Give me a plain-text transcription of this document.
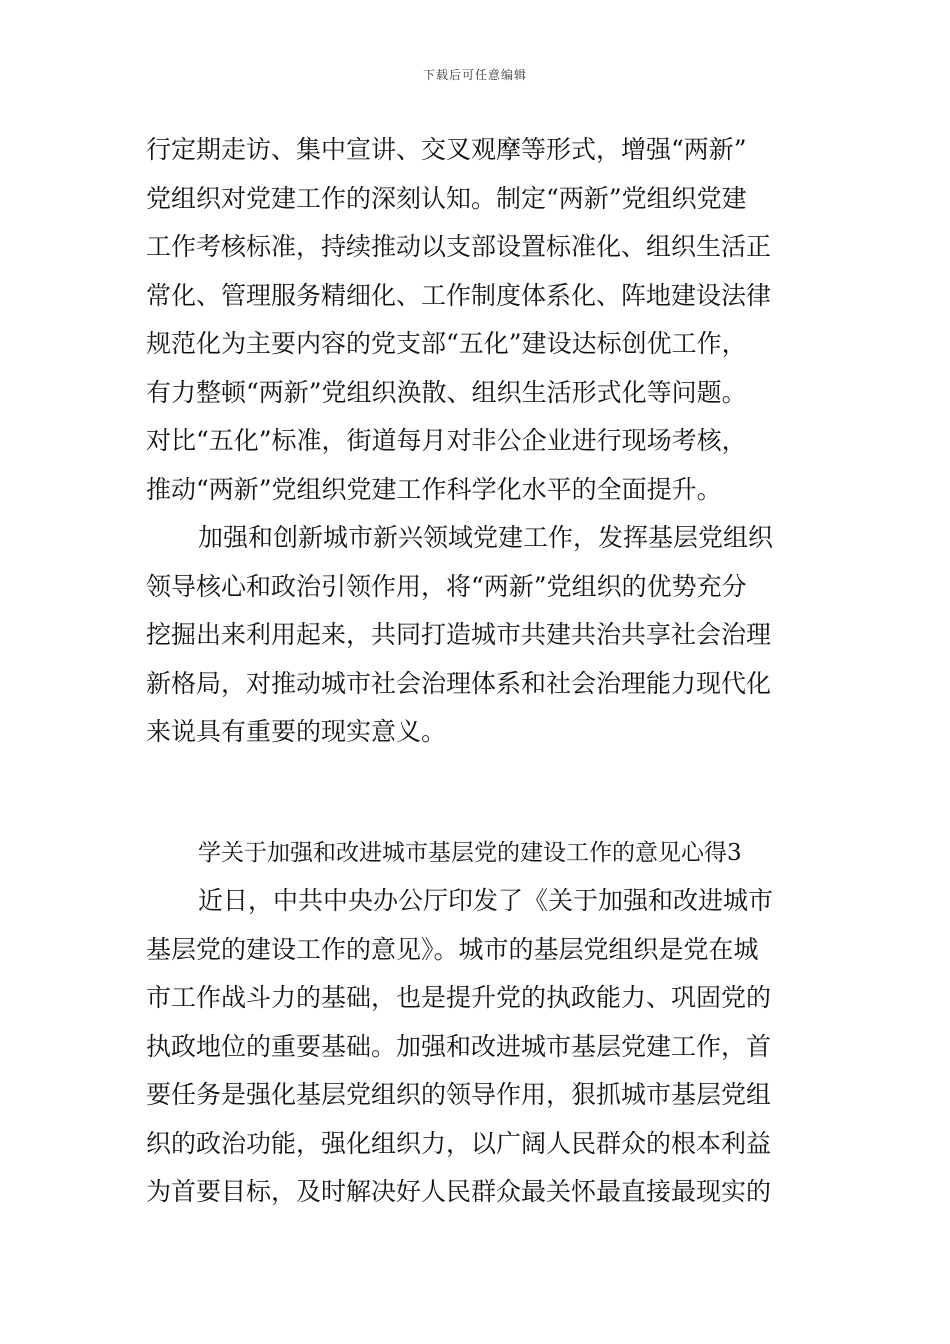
下载后可任意编辑
行定期走访、集中宣讲、交叉观摩等形式，增强“两新”
党组织对党建工作的深刻认知。制定“两新”党组织党建
工作考核标准，持续推动以支部设置标准化、组织生活正
常化、管理服务精细化、工作制度体系化、阵地建设法律
规范化为主要内容的党支部“五化”建设达标创优工作，
有力整顿“两新”党组织涣散、组织生活形式化等问题。
对比“五化”标准，街道每月对非公企业进行现场考核，
推动“两新”党组织党建工作科学化水平的全面提升。
加强和创新城市新兴领域党建工作，发挥基层党组织
领导核心和政治引领作用，将“两新”党组织的优势充分
挖掘出来利用起来，共同打造城市共建共治共享社会治理
新格局，对推动城市社会治理体系和社会治理能力现代化
来说具有重要的现实意义。
学关于加强和改进城市基层党的建设工作的意见心得3
近日，中共中央办公厅印发了《关于加强和改进城市
基层党的建设工作的意见》。城市的基层党组织是党在城
市工作战斗力的基础，也是提升党的执政能力、巩固党的
执政地位的重要基础。加强和改进城市基层党建工作，首
要任务是强化基层党组织的领导作用，狠抓城市基层党组
织的政治功能，强化组织力，以广阔人民群众的根本利益
为首要目标，及时解决好人民群众最关怀最直接最现实的
